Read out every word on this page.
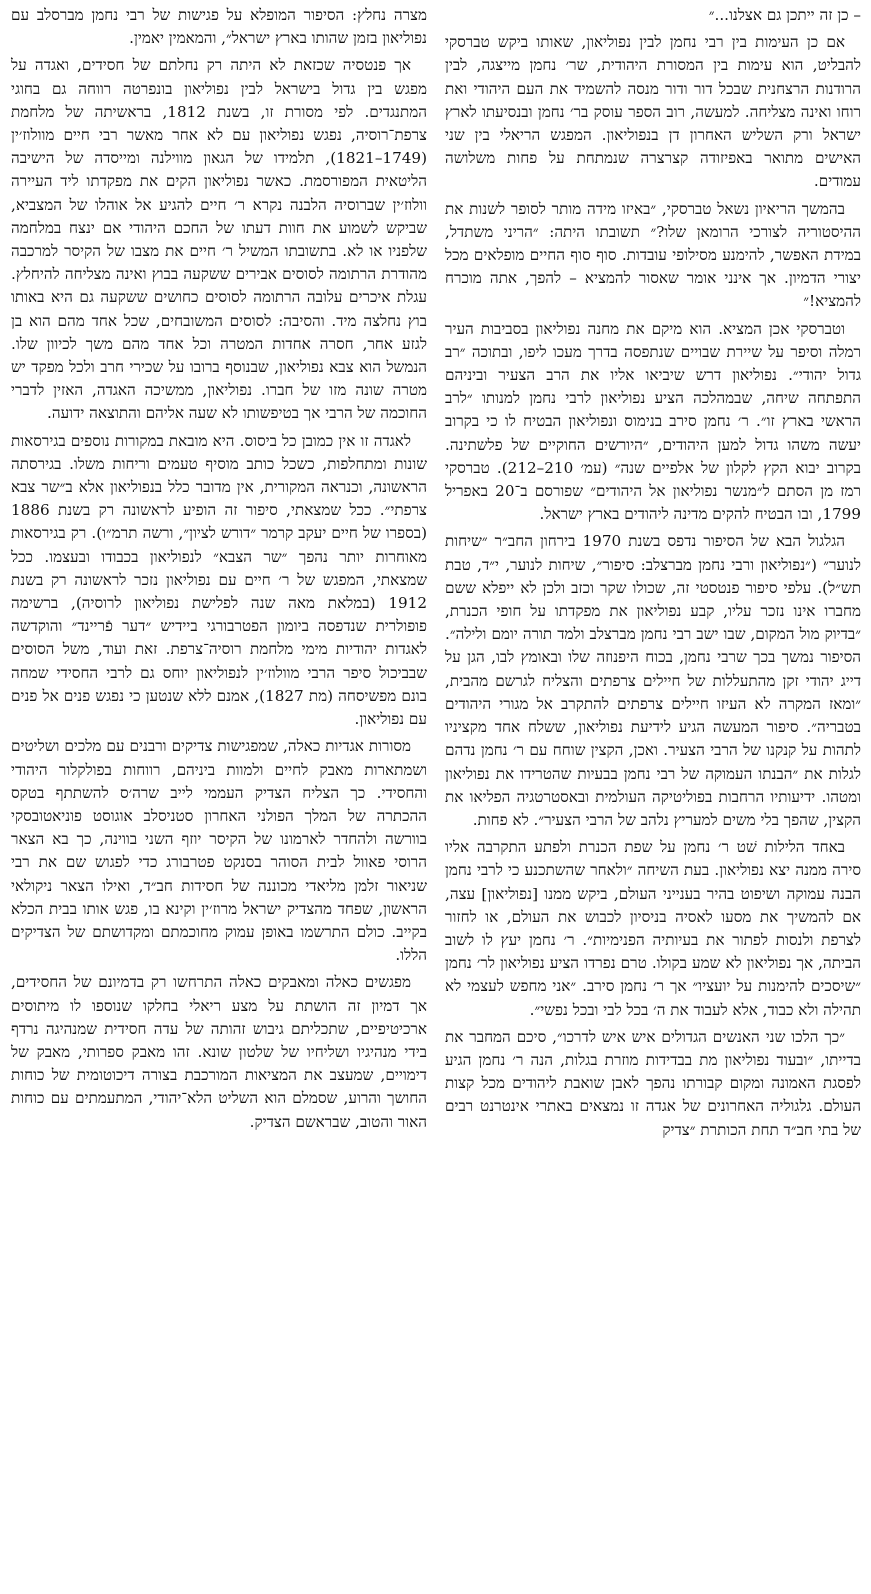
– כן זה ייתכן גם אצלנו...״

אם כן העימות בין רבי נחמן לבין נפוליאון, שאותו ביקש טברסקי להבליט, הוא עימות בין המסורת היהודית, שר׳ נחמן מייצגה, לבין הרודנות הרצחנית שבכל דור ודור מנסה להשמיד את העם היהודי ואת רוחו ואינה מצליחה. למעשה, רוב הספר עוסק בר׳ נחמן ובנסיעתו לארץ ישראל ורק השליש האחרון דן בנפוליאון. המפגש הריאלי בין שני האישים מתואר באפיזודה קצרצרה שנמתחת על פחות משלושה עמודים.

בהמשך הריאיון נשאל טברסקי, ״באיזו מידה מותר לסופר לשנות את ההיסטוריה לצורכי הרומאן שלו?״ תשובתו היתה: ״הריני משתדל, במידת האפשר, להימנע מסילופי עובדות. סוף סוף החיים מופלאים מכל יצורי הדמיון. אך אינני אומר שאסור להמציא – להפך, אתה מוכרח להמציא!״

וטברסקי אכן המציא. הוא מיקם את מחנה נפוליאון בסביבות העיר רמלה וסיפר על שיירת שבויים שנתפסה בדרך מעכו ליפו, ובתוכה ״רב גדול יהודי״. נפוליאון דרש שיביאו אליו את הרב הצעיר וביניהם התפתחה שיחה, שבמהלכה הציע נפוליאון לרבי נחמן למנותו ״לרב הראשי בארץ זו״. ר׳ נחמן סירב בנימוס ונפוליאון הבטיח לו כי בקרוב יעשה משהו גדול למען היהודים, ״היורשים החוקיים של פלשתינה. בקרוב יבוא הקץ לקלון של אלפיים שנה״ (עמ׳ 210–212). טברסקי רמז מן הסתם ל״מנשר נפוליאון אל היהודים״ שפורסם ב־20 באפריל 1799, ובו הבטיח להקים מדינה ליהודים בארץ ישראל.

הגלגול הבא של הסיפור נדפס בשנת 1970 בירחון החב״ר ״שיחות לנוער״ (״נפוליאון ורבי נחמן מברצלב: סיפור״, שיחות לנוער, י״ד, טבת תש״ל). עלפי סיפור פנטסטי זה, שכולו שקר וכזב ולכן לא ייפלא ששם מחברו אינו נזכר עליו, קבע נפוליאון את מפקדתו על חופי הכנרת, ״בדיוק מול המקום, שבו ישב רבי נחמן מברצלב ולמד תורה יומם ולילה״. הסיפור נמשך בכך שרבי נחמן, בכוח היפנוזה שלו ובאומץ לבו, הגן על דייג יהודי זקן מהתעללות של חיילים צרפתים והצליח לגרשם מהבית, ״ומאז המקרה לא העיזו חיילים צרפתים להתקרב אל מגורי היהודים בטבריה״. סיפור המעשה הגיע לידיעת נפוליאון, ששלח אחד מקציניו לתהות על קנקנו של הרבי הצעיר. ואכן, הקצין שוחח עם ר׳ נחמן נדהם לגלות את ״הבנתו העמוקה של רבי נחמן בבעיות שהטרידו את נפוליאון ומטהו. ידיעותיו הרחבות בפוליטיקה העולמית ובאסטרטגיה הפליאו את הקצין, שהפך בלי משים למעריץ נלהב של הרבי הצעיר״. לא פחות.

באחד הלילות שׁט ר׳ נחמן על שפת הכנרת ולפתע התקרבה אליו סירה ממנה יצא נפוליאון. בעת השיחה ״ולאחר שהשתכנע כי לרבי נחמן הבנה עמוקה ושיפוט בהיר בענייני העולם, ביקש ממנו [נפוליאון] עצה, אם להמשיך את מסעו לאסיה בניסיון לכבוש את העולם, או לחזור לצרפת ולנסות לפתור את בעיותיה הפנימיות״. ר׳ נחמן יעץ לו לשוב הביתה, אך נפוליאון לא שמע בקולו. טרם נפרדו הציע נפוליאון לר׳ נחמן ״שיסכים להימנות על יועציו״ אך ר׳ נחמן סירב. ״אני מחפש לעצמי לא תהילה ולא כבוד, אלא לעבוד את ה׳ בכל לבי ובכל נפשי״.

״כך הלכו שני האנשים הגדולים איש איש לדרכו״, סיכם המחבר את בדייתו, ״ובעוד נפוליאון מת בבדידות מוזרת בגלות, הנה ר׳ נחמן הגיע לפסגת האמונה ומקום קבורתו נהפך לאבן שואבת ליהודים מכל קצות העולם. גלגוליה האחרונים של אגדה זו נמצאים באתרי אינטרנט רבים של בתי חב״ד תחת הכותרת ״צדיק

מצרה נחלץ: הסיפור המופלא על פגישות של רבי נחמן מברסלב עם נפוליאון בזמן שהותו בארץ ישראל״, והמאמין יאמין.

אך פנטסיה שכזאת לא היתה רק נחלתם של חסידים, ואגדה על מפגש בין גדול בישראל לבין נפוליאון בונפרטה רווחה גם בחוגי המתנגדים. לפי מסורת זו, בשנת 1812, בראשיתה של מלחמת צרפת־רוסיה, נפגש נפוליאון עם לא אחר מאשר רבי חיים מוולוז׳ין (1749–1821), תלמידו של הגאון מווילנה ומייסדה של הישיבה הליטאית המפורסמת. כאשר נפוליאון הקים את מפקדתו ליד העיירה וולוז׳ין שברוסיה הלבנה נקרא ר׳ חיים להגיע אל אוהלו של המצביא, שביקש לשמוע את חוות דעתו של החכם היהודי אם ינצח במלחמה שלפניו או לא. בתשובתו המשיל ר׳ חיים את מצבו של הקיסר למרכבה מהודרת הרתומה לסוסים אבירים ששקעה בבוץ ואינה מצליחה להיחלץ. עגלת איכרים עלובה הרתומה לסוסים כחושים ששקעה גם היא באותו בוץ נחלצה מיד. והסיבה: לסוסים המשובחים, שכל אחד מהם הוא בן לגזע אחר, חסרה אחדות המטרה וכל אחד מהם משך לכיוון שלו. הנמשל הוא צבא נפוליאון, שבנוסף ברובו על שכירי חרב ולכל מפקד יש מטרה שונה מזו של חברו. נפוליאון, ממשיכה האגדה, האזין לדברי החוכמה של הרבי אך בטיפשותו לא שעה אליהם והתוצאה ידועה.

לאגדה זו אין כמובן כל ביסוס. היא מובאת במקורות נוספים בגירסאות שונות ומתחלפות, כשכל כותב מוסיף טעמים וריחות משלו. בגירסתה הראשונה, וכנראה המקורית, אין מדובר כלל בנפוליאון אלא ב״שר צבא צרפתי״. ככל שמצאתי, סיפור זה הופיע לראשונה רק בשנת 1886 (בספרו של חיים יעקב קרמר ״דורש לציון״, ורשה תרמ״ו). רק בגירסאות מאוחרות יותר נהפך ״שר הצבא״ לנפוליאון בכבודו ובעצמו. ככל שמצאתי, המפגש של ר׳ חיים עם נפוליאון נזכר לראשונה רק בשנת 1912 (במלאת מאה שנה לפלישת נפוליאון לרוסיה), ברשימה פופולרית שנדפסה ביומון הפטרבורגי ביידיש ״דער פֿריינד״ והוקדשה לאגדות יהודיות מימי מלחמת רוסיה־צרפת. זאת ועוד, משל הסוסים שבביכול סיפר הרבי מוולוז׳ין לנפוליאון יוחס גם לרבי החסידי שמחה בונם מפשיסחה (מת 1827), אמנם ללא שנטען כי נפגש פנים אל פנים עם נפוליאון.

מסורות אגדיות כאלה, שמפגישות צדיקים ורבנים עם מלכים ושליטים ושמתארות מאבק לחיים ולמוות ביניהם, רווחות בפולקלור היהודי והחסידי. כך הצליח הצדיק העממי לייב שרה׳ס להשתתף בטקס ההכתרה של המלך הפולני האחרון סטניסלב אוגוסט פוניאטובסקי בוורשה ולהחדר לארמונו של הקיסר יוזף השני בווינה, כך בא הצאר הרוסי פאוול לבית הסוהר בסנקט פטרבורג כדי לפגוש שם את רבי שניאור זלמן מליאדי מכוננה של חסידות חב״ד, ואילו הצאר ניקולאי הראשון, שפחד מהצדיק ישראל מרוז׳ין וקינא בו, פגש אותו בבית הכלא בקייב. כולם התרשמו באופן עמוק מחוכמתם ומקדושתם של הצדיקים הללו.

מפגשים כאלה ומאבקים כאלה התרחשו רק בדמיונם של החסידים, אך דמיון זה הושתת על מצע ריאלי בחלקו שנוספו לו מיתוסים ארכיטיפיים, שתכליתם גיבוש זהותה של עדה חסידית שמנהיגה נרדף בידי מנהיגיו ושליחיו של שלטון שונא. זהו מאבק ספרותי, מאבק של דימויים, שמעצב את המציאות המורכבת בצורה דיכוטומית של כוחות החושך והרוע, שסמלם הוא השליט הלא־יהודי, המתעמתים עם כוחות האור והטוב, שבראשם הצדיק.
